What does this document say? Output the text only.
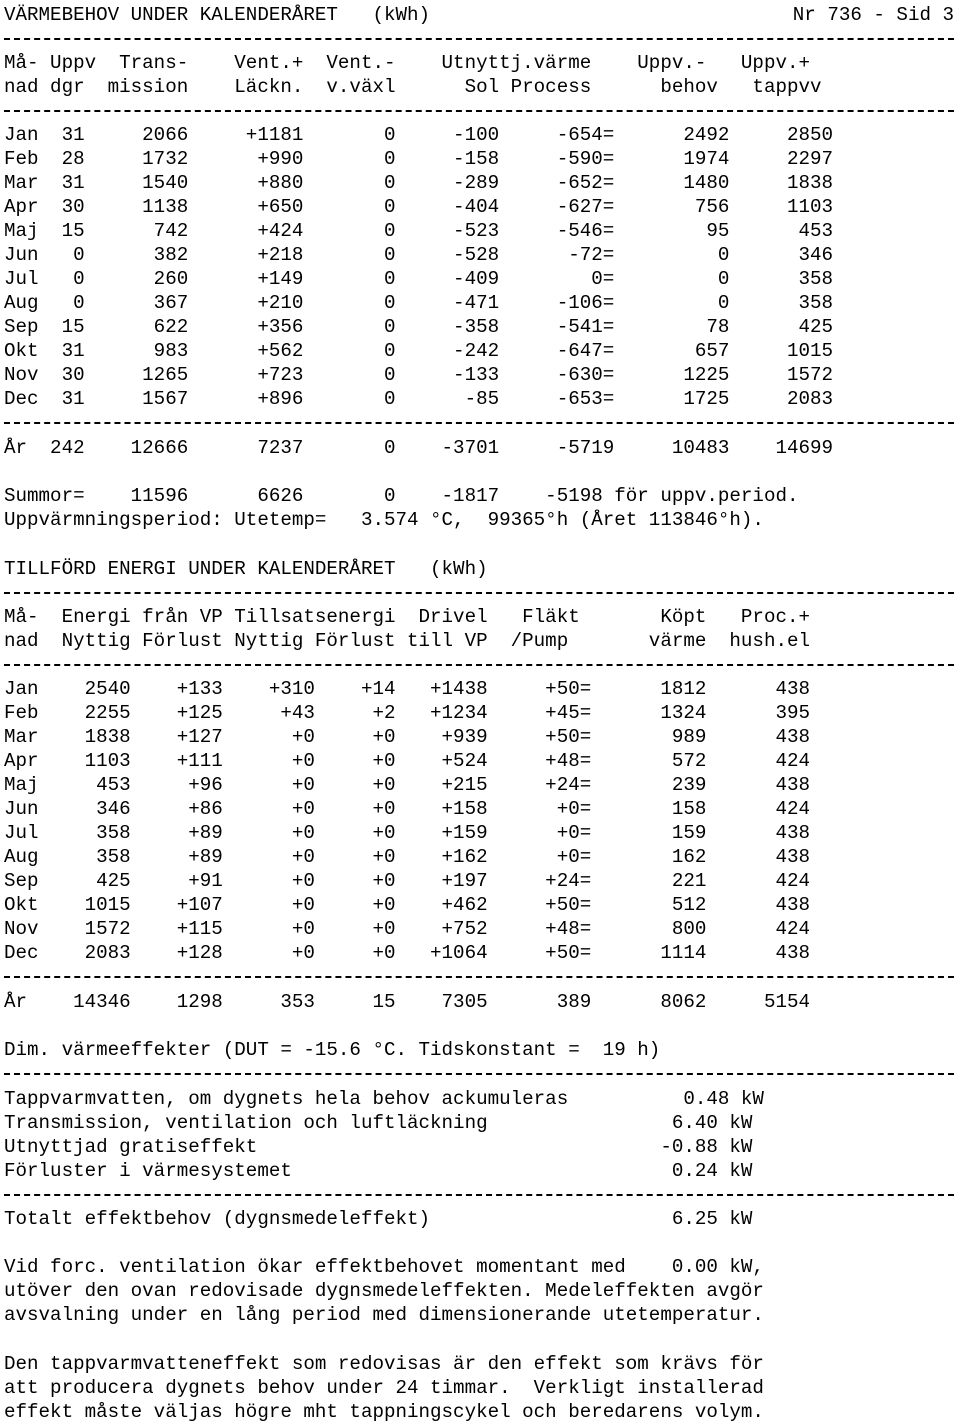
VÄRMEBEHOV UNDER KALENDERÅRET   (kWh)	Nr 736 - Sid 3
Må- Uppv  Trans-    Vent.+  Vent.-    Utnyttj.värme    Uppv.-   Uppv.+
nad dgr  mission    Läckn.  v.växl      Sol Process      behov   tappvv
Jan  31     2066     +1181       0     -100     -654=      2492     2850
Feb  28     1732      +990       0     -158     -590=      1974     2297
Mar  31     1540      +880       0     -289     -652=      1480     1838
Apr  30     1138      +650       0     -404     -627=       756     1103
Maj  15      742      +424       0     -523     -546=        95      453
Jun   0      382      +218       0     -528      -72=         0      346
Jul   0      260      +149       0     -409        0=         0      358
Aug   0      367      +210       0     -471     -106=         0      358
Sep  15      622      +356       0     -358     -541=        78      425
Okt  31      983      +562       0     -242     -647=       657     1015
Nov  30     1265      +723       0     -133     -630=      1225     1572
Dec  31     1567      +896       0      -85     -653=      1725     2083
År  242    12666      7237       0    -3701     -5719     10483    14699
Summor=    11596      6626       0    -1817    -5198 för uppv.period.
Uppvärmningsperiod: Utetemp=   3.574 °C,  99365°h (Året 113846°h).
TILLFÖRD ENERGI UNDER KALENDERÅRET   (kWh)
Må-  Energi från VP Tillsatsenergi  Drivel   Fläkt       Köpt   Proc.+
nad  Nyttig Förlust Nyttig Förlust till VP  /Pump       värme  hush.el
Jan    2540    +133    +310    +14   +1438     +50=      1812      438
Feb    2255    +125     +43     +2   +1234     +45=      1324      395
Mar    1838    +127      +0     +0    +939     +50=       989      438
Apr    1103    +111      +0     +0    +524     +48=       572      424
Maj     453     +96      +0     +0    +215     +24=       239      438
Jun     346     +86      +0     +0    +158      +0=       158      424
Jul     358     +89      +0     +0    +159      +0=       159      438
Aug     358     +89      +0     +0    +162      +0=       162      438
Sep     425     +91      +0     +0    +197     +24=       221      424
Okt    1015    +107      +0     +0    +462     +50=       512      438
Nov    1572    +115      +0     +0    +752     +48=       800      424
Dec    2083    +128      +0     +0   +1064     +50=      1114      438
År    14346    1298     353     15    7305      389      8062     5154
Dim. värmeeffekter (DUT = -15.6 °C. Tidskonstant =  19 h)
Tappvarmvatten, om dygnets hela behov ackumuleras          0.48 kW
Transmission, ventilation och luftläckning                6.40 kW
Utnyttjad gratiseffekt                                   -0.88 kW
Förluster i värmesystemet                                 0.24 kW
Totalt effektbehov (dygnsmedeleffekt)                     6.25 kW
Vid forc. ventilation ökar effektbehovet momentant med    0.00 kW,
utöver den ovan redovisade dygnsmedeleffekten. Medeleffekten avgör
avsvalning under en lång period med dimensionerande utetemperatur.
Den tappvarmvatteneffekt som redovisas är den effekt som krävs för
att producera dygnets behov under 24 timmar.  Verkligt installerad
effekt måste väljas högre mht tappningscykel och beredarens volym.
